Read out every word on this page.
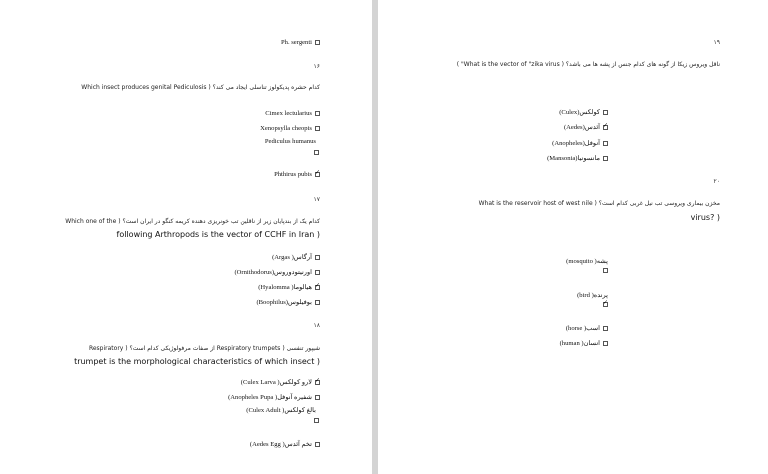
Ph. sergenti
۱۶
کدام حشره پدیکولوز تناسلی ایجاد می کند؟ ( Which insect produces genital Pediculosis
Cimex lectularius
Xenopsylla cheopis
Pediculus humanus
✓
Phthirus pubis
۱۷
کدام یک از بندپایان زیر از ناقلین تب خونریزی دهنده کریمه کنگو در ایران است؟ ( Which one of the
following Arthropods is the vector of CCHF in Iran )
آرگاس( Argas)
اورنیتودوروس(Ornithodorus)
✓
هیالوما( Hyalomma)
بوفیلوس(Boophilus)
۱۸
شیپور تنفسی ( Respiratory trumpets از صفات مرفولوژیکی کدام است؟ ( Respiratory
trumpet is the morphological characteristics of which insect )
✓
لارو کولکس( Culex Larva)
شفیره آنوفل( Anopheles Pupa)
بالغ کولکس( Culex Adult)
تخم آئدس( Aedes Egg)
۱۹
ناقل ویروس زیکا از گونه های کدام جنس از پشه ها می باشد؟ ( What is the vector of "zika virus" )
کولکس(Culex)
✓
آئدس(Aedes)
آنوفل(Anopheles)
مانسونیا(Mansonia)
۲۰
مخزن بیماری ویروسی تب نیل غربی کدام است؟ ( What is the reservoir host of west nile
virus? )
پشه( mosquito)
پرنده( bird)
✓
اسب( horse)
انسان( human)
